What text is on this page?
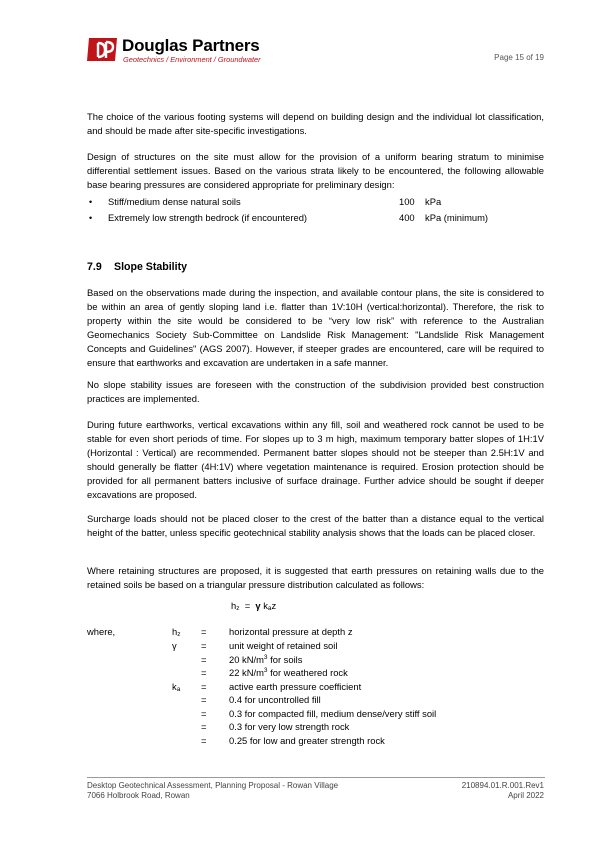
Douglas Partners
Geotechnics / Environment / Groundwater	Page 15 of 19
The choice of the various footing systems will depend on building design and the individual lot classification, and should be made after site-specific investigations.
Design of structures on the site must allow for the provision of a uniform bearing stratum to minimise differential settlement issues. Based on the various strata likely to be encountered, the following allowable base bearing pressures are considered appropriate for preliminary design:
• Stiff/medium dense natural soils	100 kPa
• Extremely low strength bedrock (if encountered)	400 kPa (minimum)
7.9 Slope Stability
Based on the observations made during the inspection, and available contour plans, the site is considered to be within an area of gently sloping land i.e. flatter than 1V:10H (vertical:horizontal). Therefore, the risk to property within the site would be considered to be “very low risk” with reference to the Australian Geomechanics Society Sub-Committee on Landslide Risk Management: "Landslide Risk Management Concepts and Guidelines" (AGS 2007). However, if steeper grades are encountered, care will be required to ensure that earthworks and excavation are undertaken in a safe manner.
No slope stability issues are foreseen with the construction of the subdivision provided best construction practices are implemented.
During future earthworks, vertical excavations within any fill, soil and weathered rock cannot be used to be stable for even short periods of time. For slopes up to 3 m high, maximum temporary batter slopes of 1H:1V (Horizontal : Vertical) are recommended. Permanent batter slopes should not be steeper than 2.5H:1V and should generally be flatter (4H:1V) where vegetation maintenance is required. Erosion protection should be provided for all permanent batters inclusive of surface drainage. Further advice should be sought if deeper excavations are proposed.
Surcharge loads should not be placed closer to the crest of the batter than a distance equal to the vertical height of the batter, unless specific geotechnical stability analysis shows that the loads can be placed closer.
Where retaining structures are proposed, it is suggested that earth pressures on retaining walls due to the retained soils be based on a triangular pressure distribution calculated as follows:
hz = γ kaz
where,	hz = horizontal pressure at depth z
γ	= unit weight of retained soil
= 20 $kN/m^3$ for soils
= 22 $kN/m^3$ for weathered rock
ka = active earth pressure coefficient
= 0.4 for uncontrolled fill
= 0.3 for compacted fill, medium dense/very stiff soil
= 0.3 for very low strength rock
= 0.25 for low and greater strength rock
Desktop Geotechnical Assessment, Planning Proposal - Rowan Village
7066 Holbrook Road, Rowan
210894.01.R.001.Rev1
April 2022
